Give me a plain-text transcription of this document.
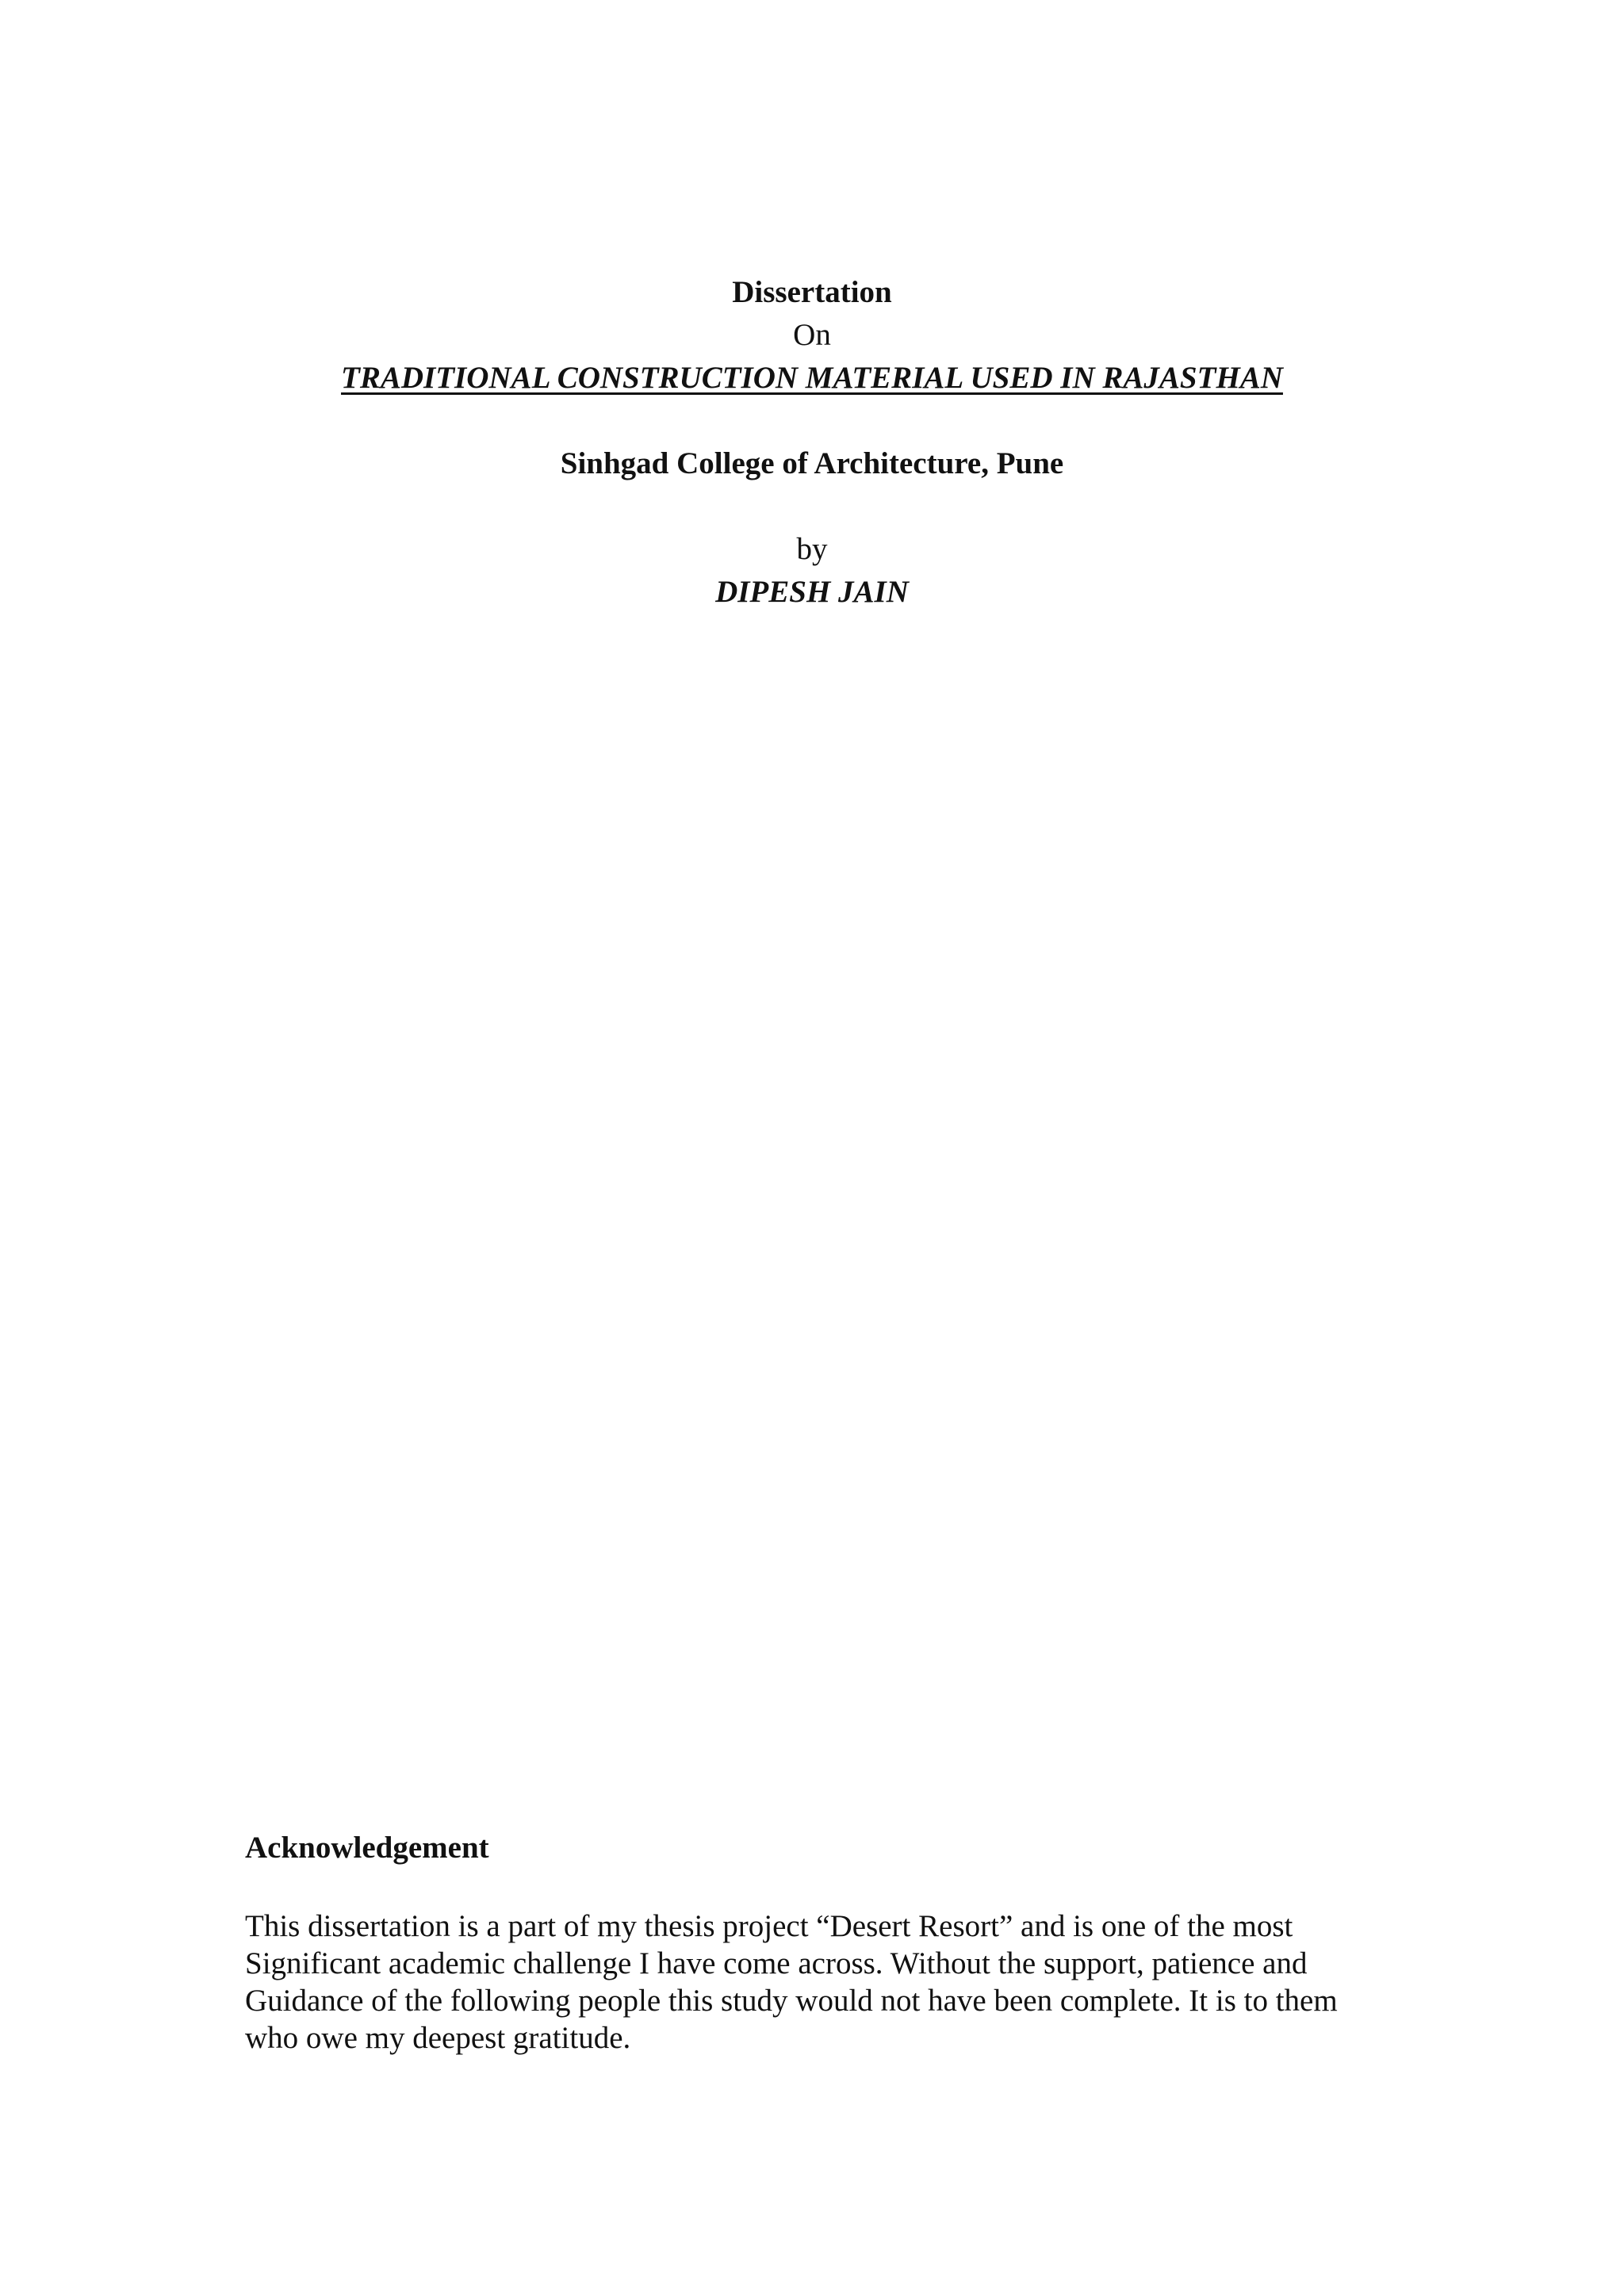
Dissertation
On
TRADITIONAL CONSTRUCTION MATERIAL USED IN RAJASTHAN
Sinhgad College of Architecture, Pune
by
DIPESH JAIN

Acknowledgement

This dissertation is a part of my thesis project “Desert Resort” and is one of the most
Significant academic challenge I have come across. Without the support, patience and
Guidance of the following people this study would not have been complete. It is to them
who owe my deepest gratitude.
